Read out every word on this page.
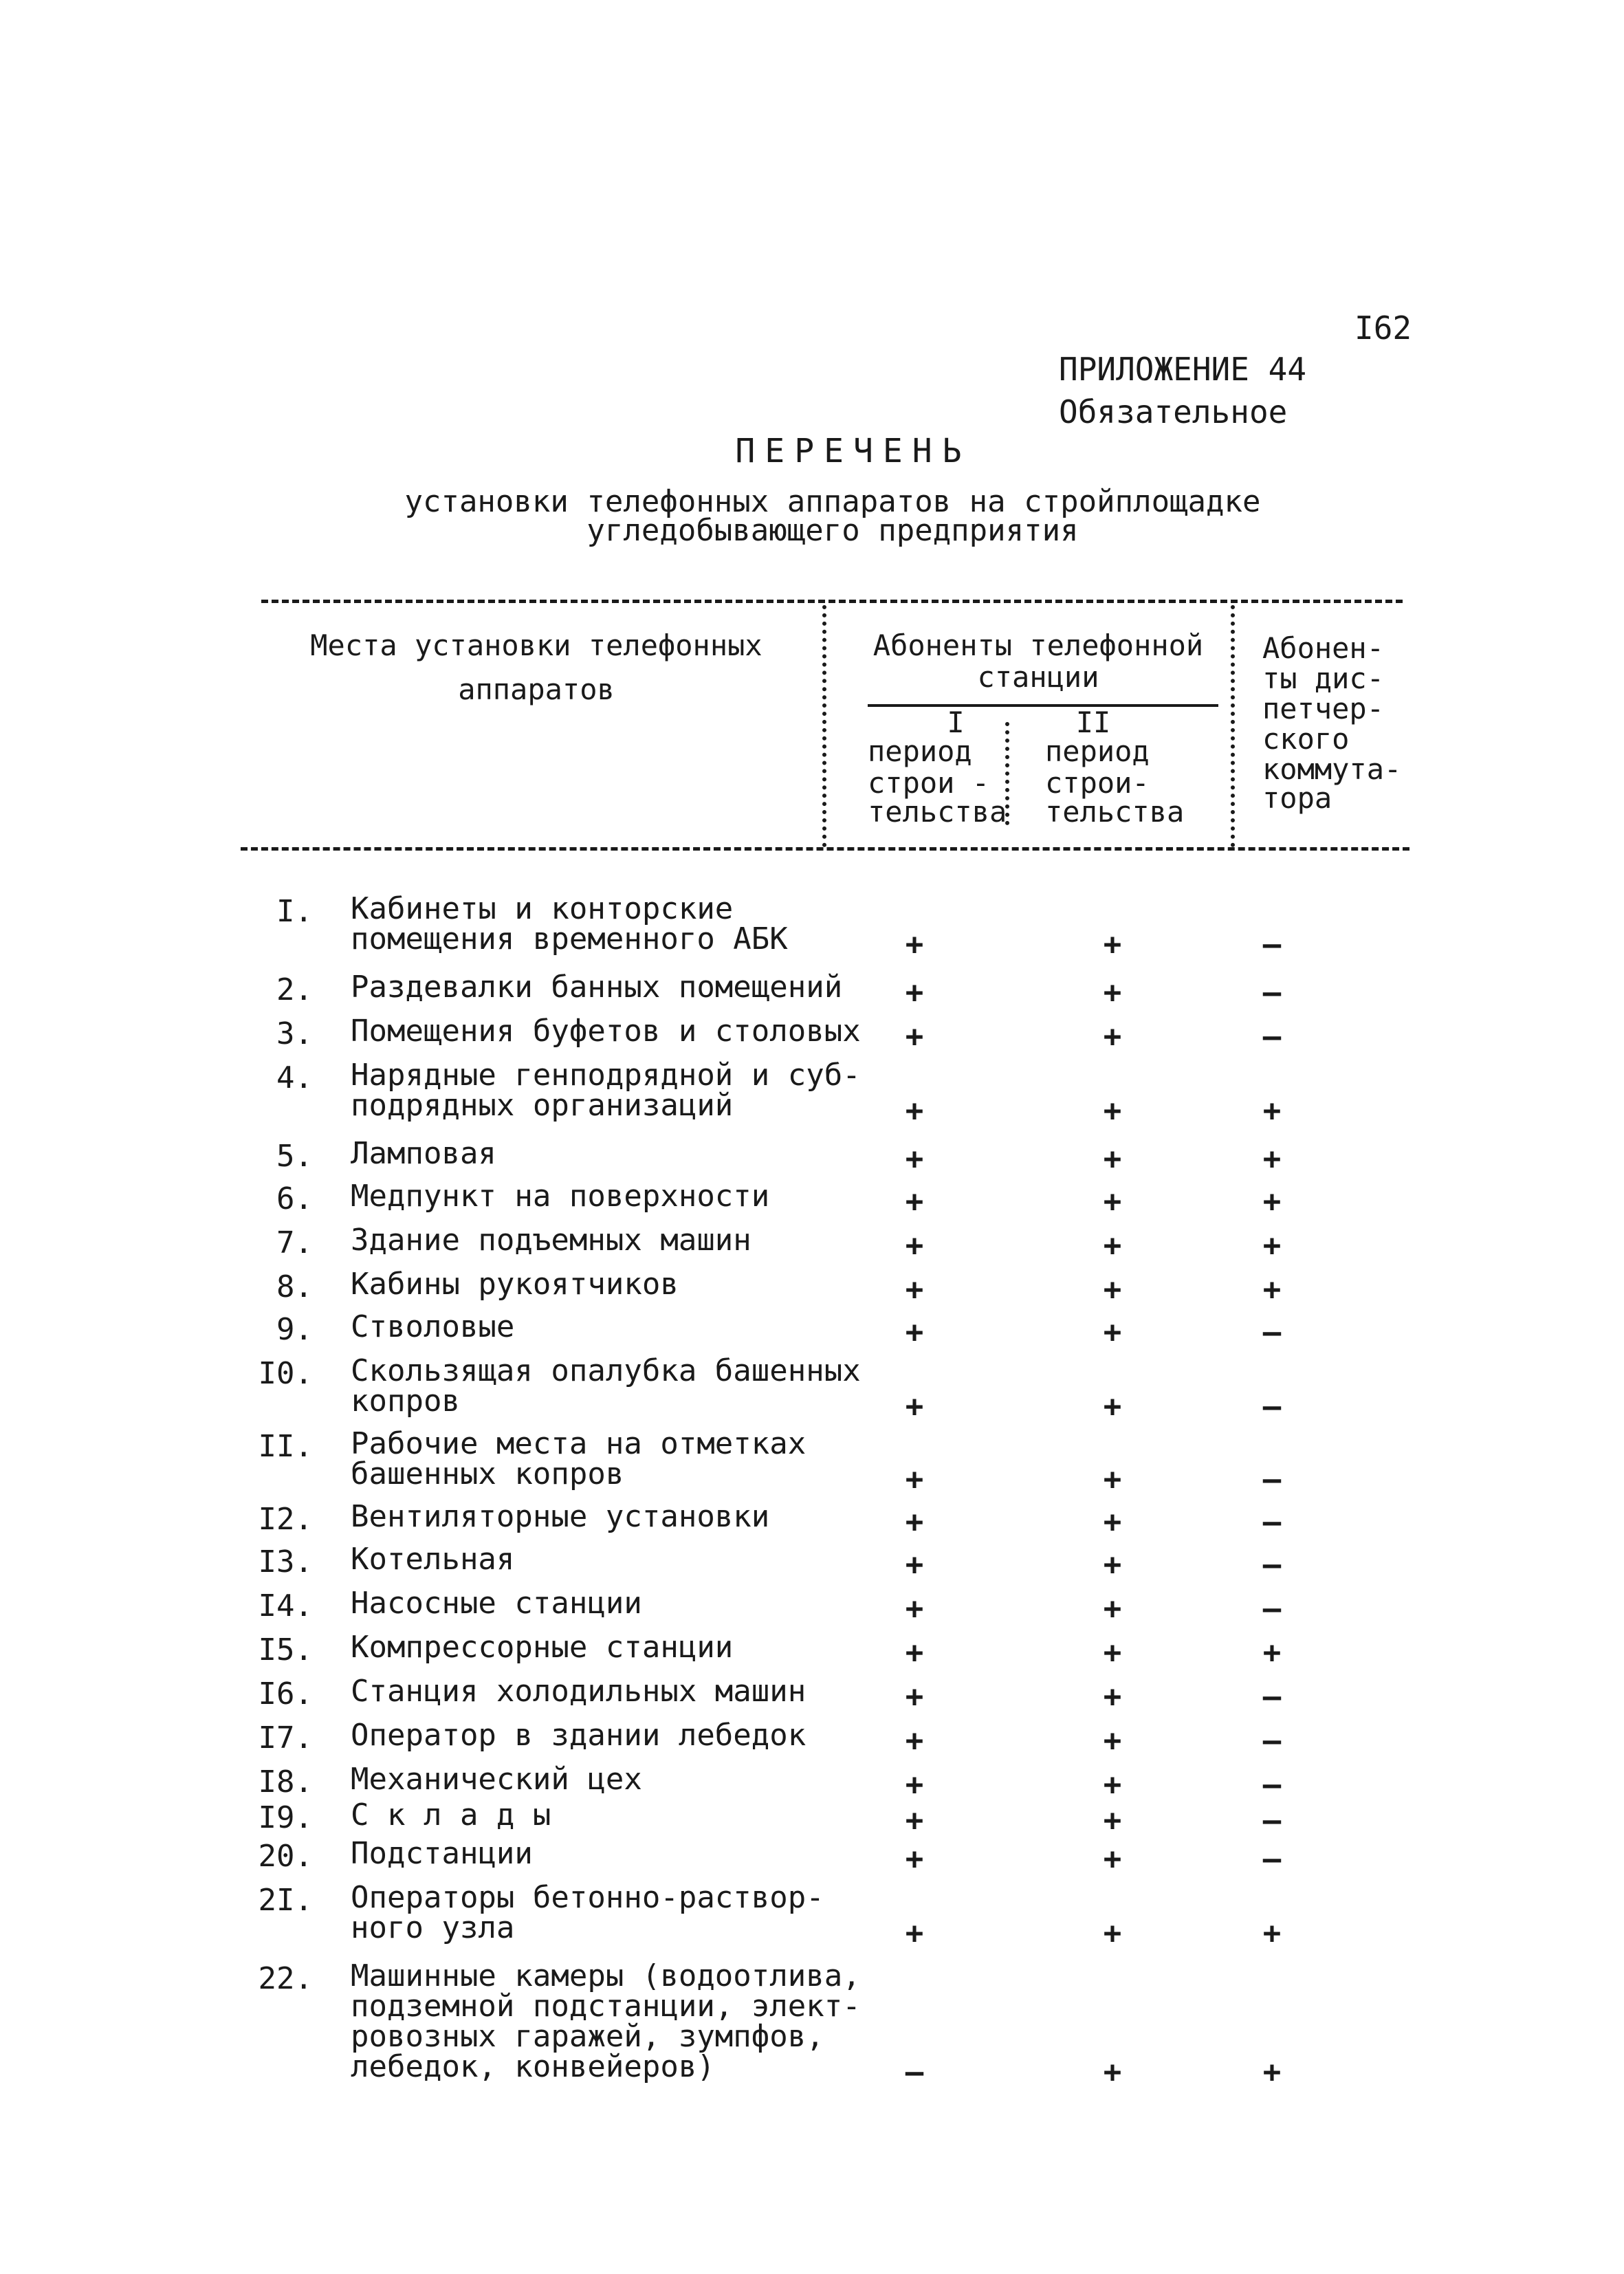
I62
ПРИЛОЖЕНИЕ 44
Обязательное
ПЕРЕЧЕНЬ
установки телефонных аппаратов на стройплощадке
угледобывающего предприятия
Места установки телефонных
аппаратов
Абоненты телефонной
станции
I
период
строи -
тельства
II
период
строи-
тельства
Абонен-
ты дис-
петчер-
ского
коммута-
тора
I. Кабинеты и конторские
помещения временного АБК	+	+	–
2. Раздевалки банных помещений	+	+	–
3. Помещения буфетов и столовых	+	+	–
4. Нарядные генподрядной и суб-
подрядных организаций	+	+	+
5. Ламповая	+	+	+
6. Медпункт на поверхности	+	+	+
7. Здание подъемных машин	+	+	+
8. Кабины рукоятчиков	+	+	+
9. Стволовые	+	+	–
I0. Скользящая опалубка башенных
копров	+	+	–
II. Рабочие места на отметках
башенных копров	+	+	–
I2. Вентиляторные установки	+	+	–
I3. Котельная	+	+	–
I4. Насосные станции	+	+	–
I5. Компрессорные станции	+	+	+
I6. Станция холодильных машин	+	+	–
I7. Оператор в здании лебедок	+	+	–
I8. Механический цех	+	+	–
I9. С к л а д ы	+	+	–
20. Подстанции	+	+	–
2I. Операторы бетонно-раствор-
ного узла	+	+	+
22. Машинные камеры (водоотлива,
подземной подстанции, элект-
ровозных гаражей, зумпфов,
лебедок, конвейеров)	–	+	+
